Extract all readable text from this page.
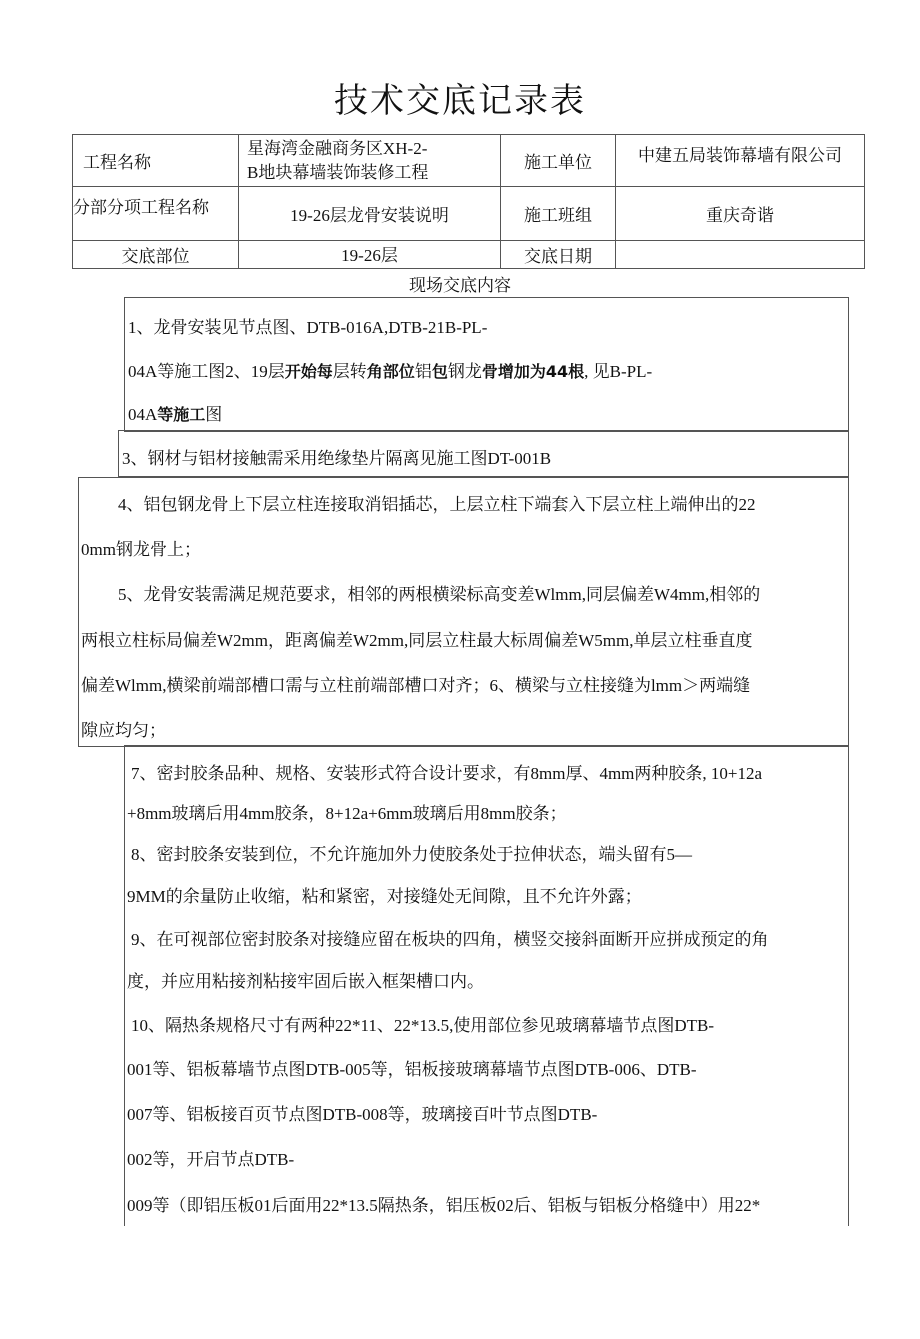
技术交底记录表
工程名称	星海湾金融商务区XH-2-
B地块幕墙装饰装修工程	施工单位	中建五局装饰幕墙有限公司
分部分项工程名称	19-26层龙骨安装说明	施工班组	重庆奇谐
交底部位	19-26层	交底日期	
现场交底内容
1、龙骨安装见节点图、DTB-016A,DTB-21B-PL-
04A等施工图2、19层开始每层转角部位铝包钢龙骨增加为44根, 见B-PL-
04A等施工图
3、钢材与铝材接触需采用绝缘垫片隔离见施工图DT-001B
4、铝包钢龙骨上下层立柱连接取消铝插芯，上层立柱下端套入下层立柱上端伸出的22
0mm钢龙骨上；
5、龙骨安装需满足规范要求，相邻的两根横梁标高变差Wlmm,同层偏差W4mm,相邻的
两根立柱标局偏差W2mm，距离偏差W2mm,同层立柱最大标周偏差W5mm,单层立柱垂直度
偏差Wlmm,横梁前端部槽口需与立柱前端部槽口对齐；6、横梁与立柱接缝为lmm＞两端缝
隙应均匀；
7、密封胶条品种、规格、安装形式符合设计要求，有8mm厚、4mm两种胶条, 10+12a
+8mm玻璃后用4mm胶条，8+12a+6mm玻璃后用8mm胶条；
8、密封胶条安装到位，不允许施加外力使胶条处于拉伸状态，端头留有5—
9MM的余量防止收缩，粘和紧密，对接缝处无间隙，且不允许外露；
9、在可视部位密封胶条对接缝应留在板块的四角，横竖交接斜面断开应拼成预定的角
度，并应用粘接剂粘接牢固后嵌入框架槽口内。
10、隔热条规格尺寸有两种22*11、22*13.5,使用部位参见玻璃幕墙节点图DTB-
001等、铝板幕墙节点图DTB-005等，铝板接玻璃幕墙节点图DTB-006、DTB-
007等、铝板接百页节点图DTB-008等，玻璃接百叶节点图DTB-
002等，开启节点DTB-
009等（即铝压板01后面用22*13.5隔热条，铝压板02后、铝板与铝板分格缝中）用22*
